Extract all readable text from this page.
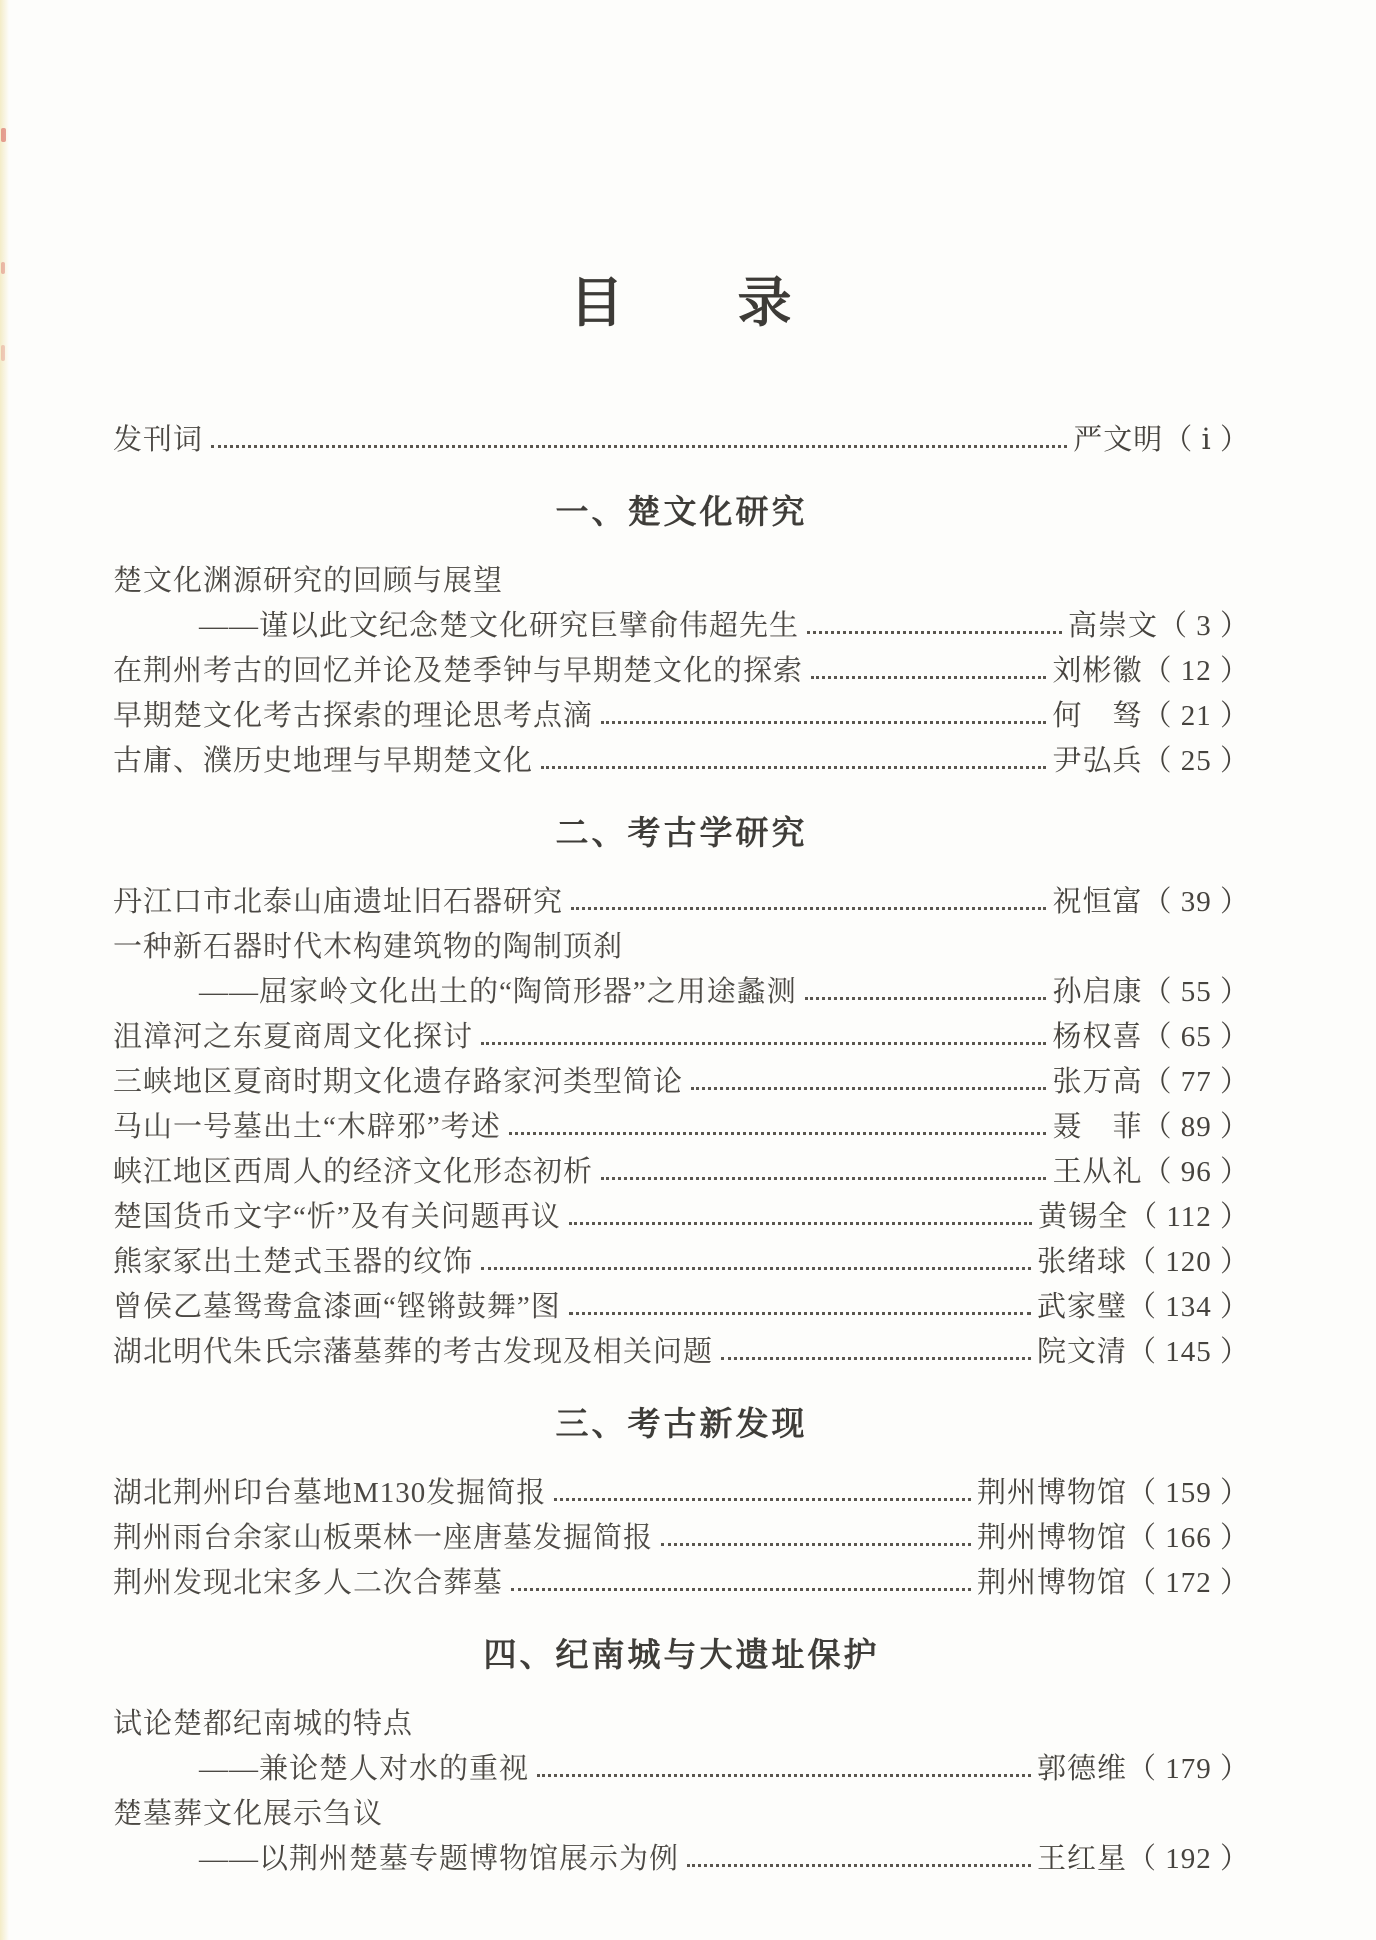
目　　录
发刊词	严文明（ ⅰ ）
一、楚文化研究
楚文化渊源研究的回顾与展望
——谨以此文纪念楚文化研究巨擘俞伟超先生	高崇文（ 3 ）
在荆州考古的回忆并论及楚季钟与早期楚文化的探索	刘彬徽（ 12 ）
早期楚文化考古探索的理论思考点滴	何　驽（ 21 ）
古庸、濮历史地理与早期楚文化	尹弘兵（ 25 ）
二、考古学研究
丹江口市北泰山庙遗址旧石器研究	祝恒富（ 39 ）
一种新石器时代木构建筑物的陶制顶刹
——屈家岭文化出土的“陶筒形器”之用途蠡测	孙启康（ 55 ）
沮漳河之东夏商周文化探讨	杨权喜（ 65 ）
三峡地区夏商时期文化遗存路家河类型简论	张万高（ 77 ）
马山一号墓出土“木辟邪”考述	聂　菲（ 89 ）
峡江地区西周人的经济文化形态初析	王从礼（ 96 ）
楚国货币文字“忻”及有关问题再议	黄锡全（ 112 ）
熊家冢出土楚式玉器的纹饰	张绪球（ 120 ）
曾侯乙墓鸳鸯盒漆画“铿锵鼓舞”图	武家璧（ 134 ）
湖北明代朱氏宗藩墓葬的考古发现及相关问题	院文清（ 145 ）
三、考古新发现
湖北荆州印台墓地M130发掘简报	荆州博物馆（ 159 ）
荆州雨台余家山板栗林一座唐墓发掘简报	荆州博物馆（ 166 ）
荆州发现北宋多人二次合葬墓	荆州博物馆（ 172 ）
四、纪南城与大遗址保护
试论楚都纪南城的特点
——兼论楚人对水的重视	郭德维（ 179 ）
楚墓葬文化展示刍议
——以荆州楚墓专题博物馆展示为例	王红星（ 192 ）
